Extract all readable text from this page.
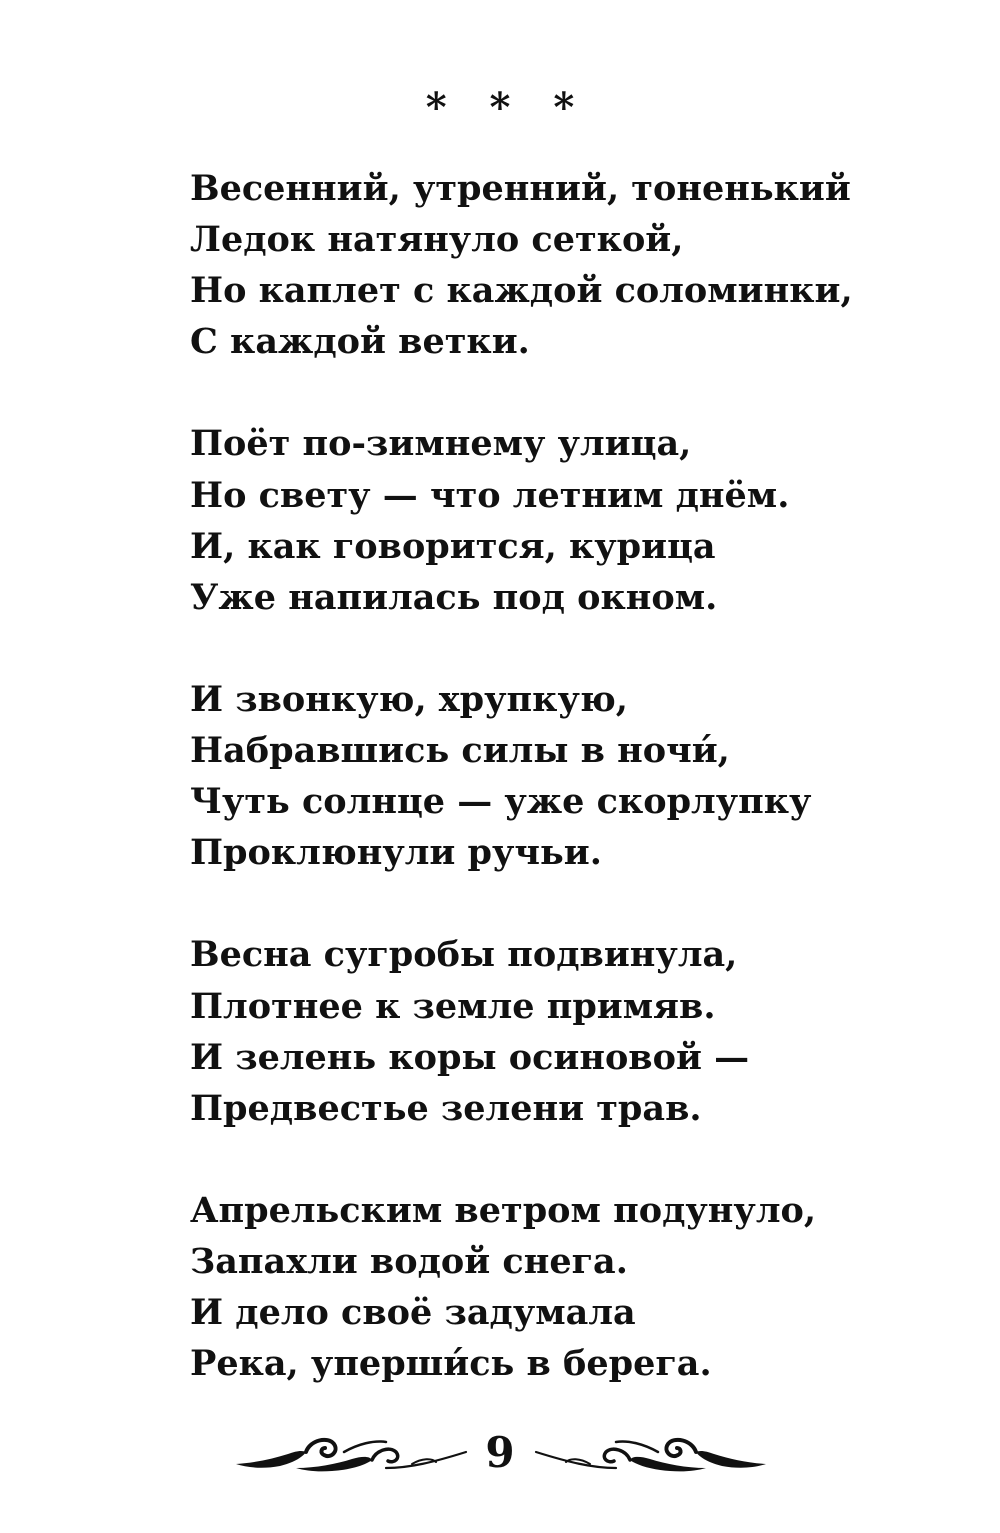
* * *
Весенний, утренний, тоненький
Ледок натянуло сеткой,
Но каплет с каждой соломинки,
С каждой ветки.
Поёт по-зимнему улица,
Но свету — что летним днём.
И, как говорится, курица
Уже напилась под окном.
И звонкую, хрупкую,
Набравшись силы в ночи́,
Чуть солнце — уже скорлупку
Проклюнули ручьи.
Весна сугробы подвинула,
Плотнее к земле примяв.
И зелень коры осиновой —
Предвестье зелени трав.
Апрельским ветром подунуло,
Запахли водой снега.
И дело своё задумала
Река, уперши́сь в берега.
9
